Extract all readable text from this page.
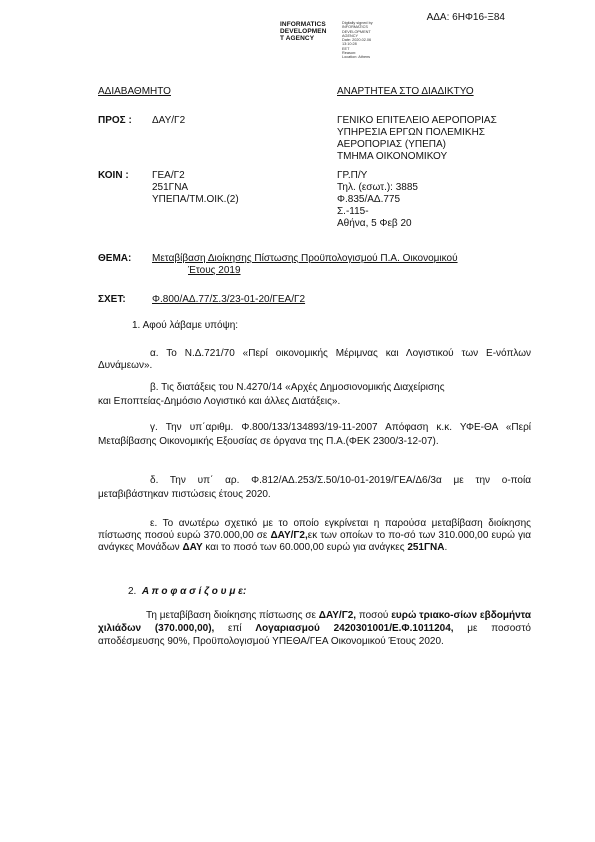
ΑΔΑ: 6ΗΦ16-Ξ84
INFORMATICS
DEVELOPMEN
T AGENCY
Digitally signed by
INFORMATICS
DEVELOPMENT AGENCY
Date: 2020.02.06 13:10:28
EET
Reason:
Location: Athens
ΑΔΙΑΒΑΘΜΗΤΟ	ΑΝΑΡΤΗΤΕΑ ΣΤΟ ΔΙΑΔΙΚΤΥΟ
ΠΡΟΣ : ΔΑΥ/Γ2	ΓΕΝΙΚΟ ΕΠΙΤΕΛΕΙΟ ΑΕΡΟΠΟΡΙΑΣ
ΥΠΗΡΕΣΙΑ ΕΡΓΩΝ ΠΟΛΕΜΙΚΗΣ
ΑΕΡΟΠΟΡΙΑΣ (ΥΠΕΠΑ)
ΤΜΗΜΑ ΟΙΚΟΝΟΜΙΚΟΥ
ΚΟΙΝ : ΓΕΑ/Γ2
251ΓΝΑ
ΥΠΕΠΑ/ΤΜ.ΟΙΚ.(2)
ΓΡ.Π/Υ
Τηλ. (εσωτ.): 3885
Φ.835/ΑΔ.775
Σ.-115-
Αθήνα, 5 Φεβ 20
ΘΕΜΑ: Μεταβίβαση Διοίκησης Πίστωσης Προϋπολογισμού Π.Α. Οικονομικού
Έτους 2019
ΣΧΕΤ:	Φ.800/ΑΔ.77/Σ.3/23-01-20/ΓΕΑ/Γ2
1. Αφού λάβαμε υπόψη:
α. Το Ν.Δ.721/70 «Περί οικονομικής Μέριμνας και Λογιστικού των Ε-νόπλων Δυνάμεων».
β. Τις διατάξεις του Ν.4270/14 «Αρχές Δημοσιονομικής Διαχείρισης
και Εποπτείας-Δημόσιο Λογιστικό και άλλες Διατάξεις».
γ. Την υπ΄αριθμ. Φ.800/133/134893/19-11-2007 Απόφαση κ.κ. ΥΦΕ-ΘΑ «Περί Μεταβίβασης Οικονομικής Εξουσίας σε όργανα της Π.Α.(ΦΕΚ 2300/3-12-07).
δ. Την υπ΄ αρ. Φ.812/ΑΔ.253/Σ.50/10-01-2019/ΓΕΑ/Δ6/3α με την ο-ποία μεταβιβάστηκαν πιστώσεις έτους 2020.
ε. Το ανωτέρω σχετικό με το οποίο εγκρίνεται η παρούσα μεταβίβαση διοίκησης πίστωσης ποσού ευρώ 370.000,00 σε ΔΑΥ/Γ2,εκ των οποίων το πο-σό των 310.000,00 ευρώ για ανάγκες Μονάδων ΔΑΥ και το ποσό των 60.000,00 ευρώ για ανάγκες 251ΓΝΑ.
2. Α π ο φ α σ ί ζ ο υ μ ε:
Τη μεταβίβαση διοίκησης πίστωσης σε ΔΑΥ/Γ2, ποσού ευρώ τριακο-σίων εβδομήντα χιλιάδων (370.000,00), επί Λογαριασμού 2420301001/Ε.Φ.1011204, με ποσοστό αποδέσμευσης 90%, Προϋπολογισμού ΥΠΕΘΑ/ΓΕΑ Οικονομικού Έτους 2020.
